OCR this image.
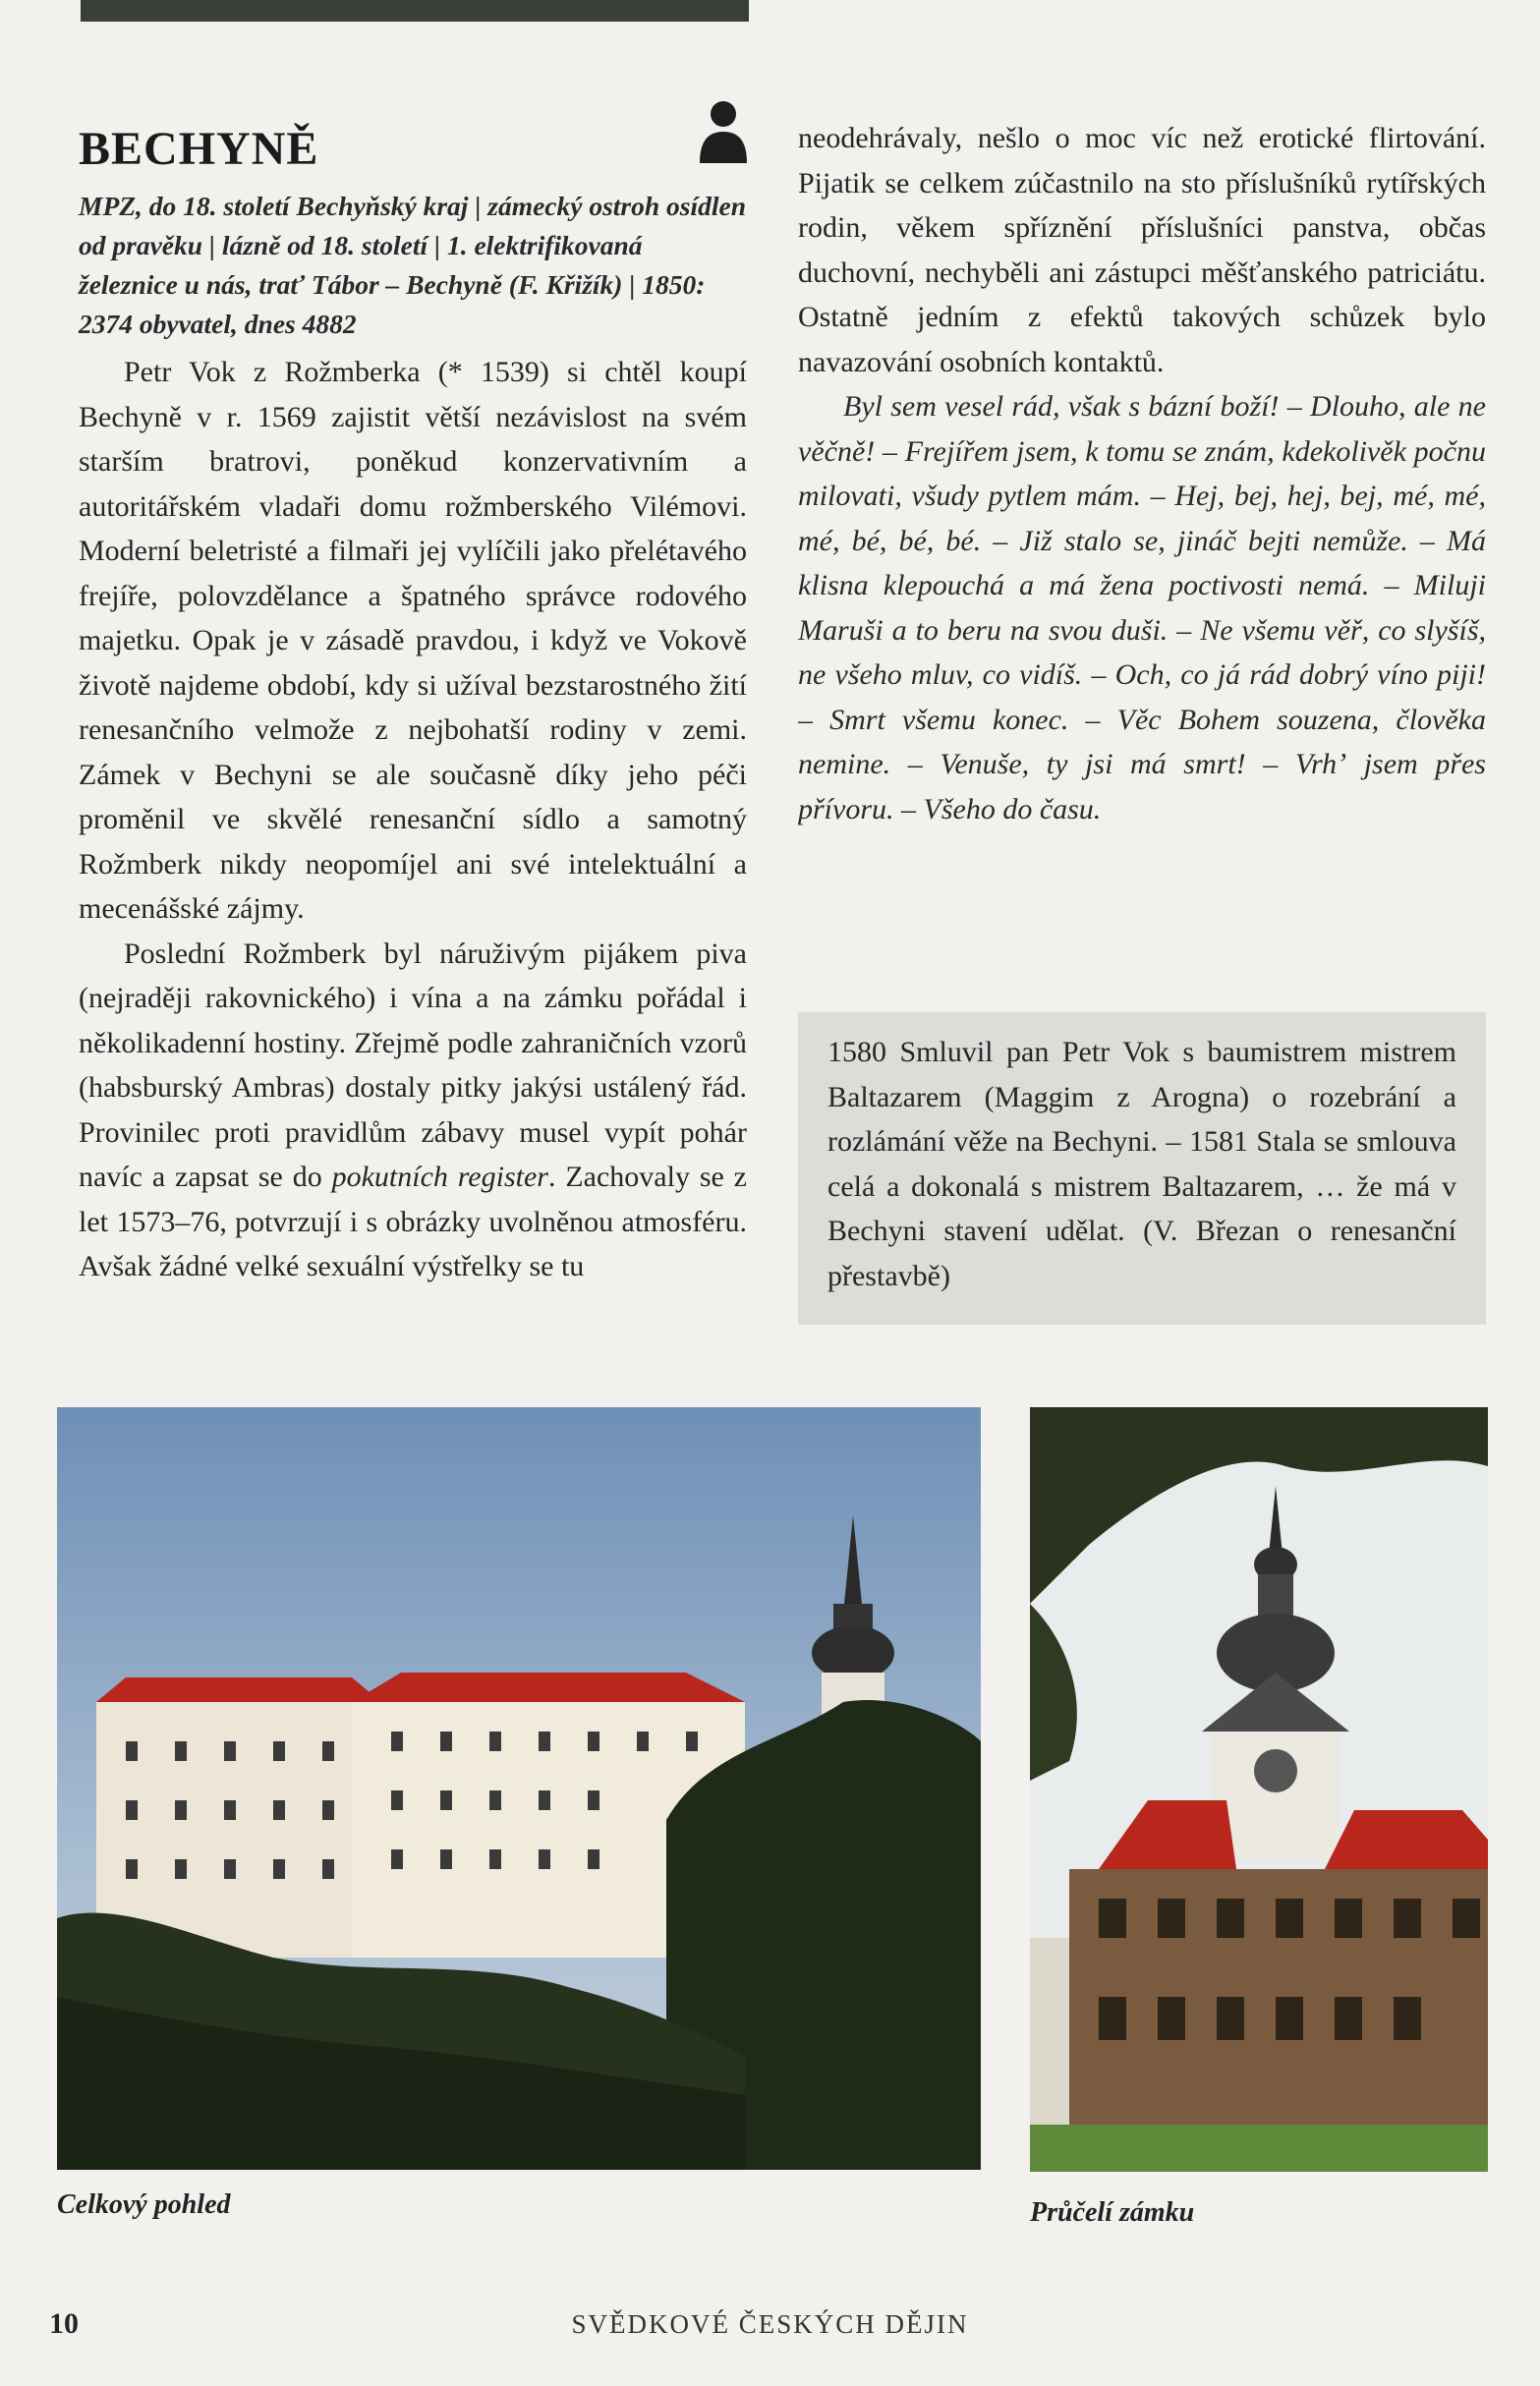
BECHYNĚ

MPZ, do 18. století Bechyňský kraj | zámecký ostroh osídlen od pravěku | lázně od 18. století | 1. elektrifikovaná železnice u nás, trať Tábor – Bechyně (F. Křižík) | 1850: 2374 obyvatel, dnes 4882

Petr Vok z Rožmberka (* 1539) si chtěl koupí Bechyně v r. 1569 zajistit větší nezávislost na svém starším bratrovi, poněkud konzervativním a autoritářském vladaři domu rožmberského Vilémovi. Moderní beletristé a filmaři jej vylíčili jako přelétavého frejíře, polovzdělance a špatného správce rodového majetku. Opak je v zásadě pravdou, i když ve Vokově životě najdeme období, kdy si užíval bezstarostného žití renesančního velmože z nejbohatší rodiny v zemi. Zámek v Bechyni se ale současně díky jeho péči proměnil ve skvělé renesanční sídlo a samotný Rožmberk nikdy neopomíjel ani své intelektuální a mecenášské zájmy.

Poslední Rožmberk byl náruživým pijákem piva (nejraději rakovnického) i vína a na zámku pořádal i několikadenní hostiny. Zřejmě podle zahraničních vzorů (habsburský Ambras) dostaly pitky jakýsi ustálený řád. Provinilec proti pravidlům zábavy musel vypít pohár navíc a zapsat se do pokutních register. Zachovaly se z let 1573–76, potvrzují i s obrázky uvolněnou atmosféru. Avšak žádné velké sexuální výstřelky se tu

1580 Smluvil pan Petr Vok s baumistrem mistrem Baltazarem (Maggim z Arogna) o rozebrání a rozlámání věže na Bechyni. – 1581 Stala se smlouva celá a dokonalá s mistrem Baltazarem, … že má v Bechyni stavení udělat. (V. Březan o renesanční přestavbě)

neodehrávaly, nešlo o moc víc než erotické flirtování. Pijatik se celkem zúčastnilo na sto příslušníků rytířských rodin, věkem spříznění příslušníci panstva, občas duchovní, nechyběli ani zástupci měšťanského patriciátu. Ostatně jedním z efektů takových schůzek bylo navazování osobních kontaktů.

Byl sem vesel rád, však s bázní boží! – Dlouho, ale ne věčně! – Frejířem jsem, k tomu se znám, kdekolivěk počnu milovati, všudy pytlem mám. – Hej, bej, hej, bej, mé, mé, mé, bé, bé, bé. – Již stalo se, jináč bejti nemůže. – Má klisna klepouchá a má žena poctivosti nemá. – Miluji Maruši a to beru na svou duši. – Ne všemu věř, co slyšíš, ne všeho mluv, co vidíš. – Och, co já rád dobrý víno piji! – Smrt všemu konec. – Věc Bohem souzena, člověka nemine. – Venuše, ty jsi má smrt! – Vrhʼ jsem přes přívoru. – Všeho do času.

Celkový pohled	Průčelí zámku
10	SVĚDKOVÉ ČESKÝCH DĚJIN
